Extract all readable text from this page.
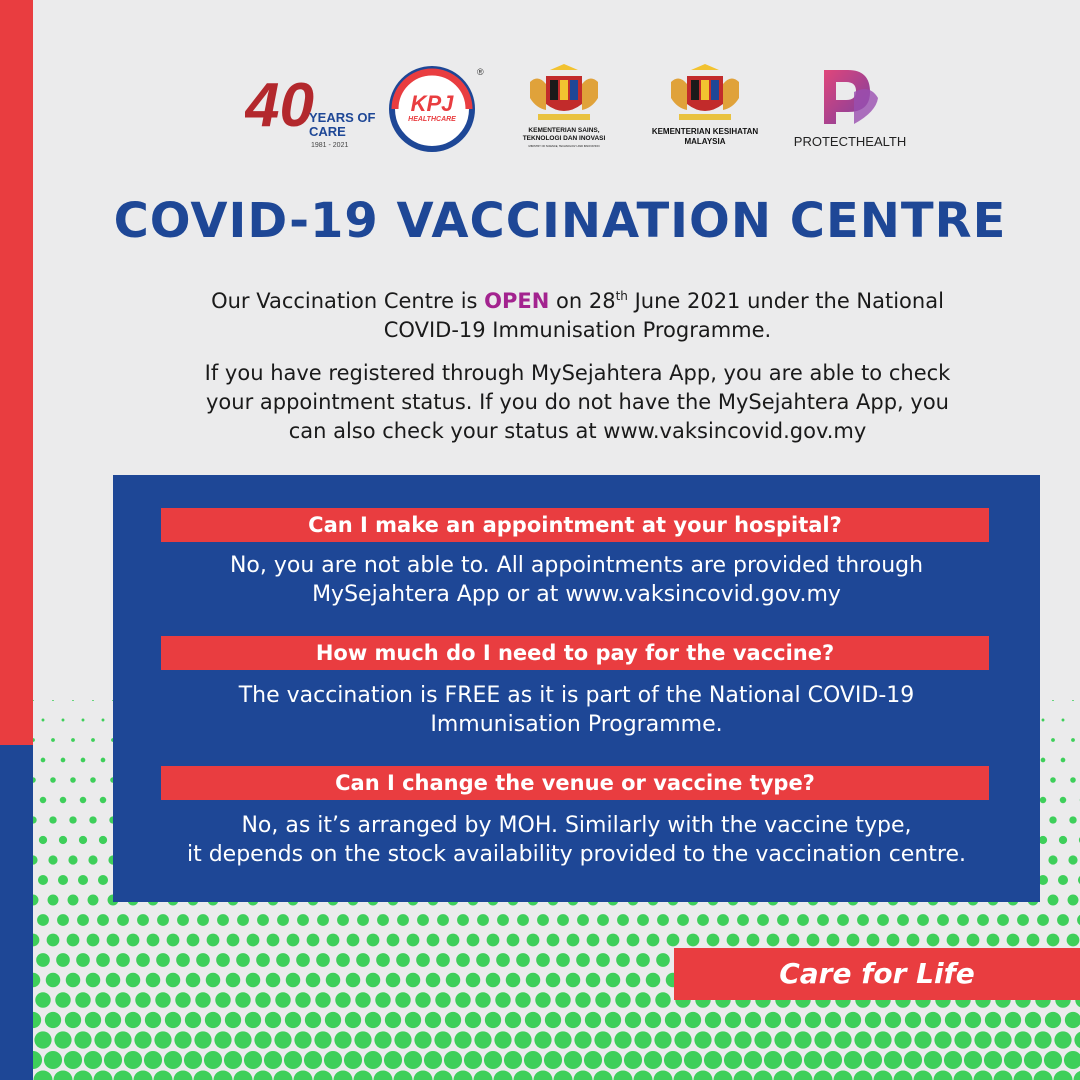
40
YEARS OF
CARE
1981 - 2021
KPJ
HEALTHCARE
®
KEMENTERIAN SAINS,
TEKNOLOGI DAN INOVASI
MINISTRY OF SCIENCE, TECHNOLOGY AND INNOVATION
KEMENTERIAN KESIHATAN
MALAYSIA	PROTECTHEALTH
COVID-19 VACCINATION CENTRE
Our Vaccination Centre is OPEN on 28th June 2021 under the National
COVID-19 Immunisation Programme.
If you have registered through MySejahtera App, you are able to check
your appointment status. If you do not have the MySejahtera App, you
can also check your status at www.vaksincovid.gov.my
Can I make an appointment at your hospital?
No, you are not able to. All appointments are provided through
MySejahtera App or at www.vaksincovid.gov.my
How much do I need to pay for the vaccine?
The vaccination is FREE as it is part of the National COVID-19
Immunisation Programme.
Can I change the venue or vaccine type?
No, as it’s arranged by MOH. Similarly with the vaccine type,
it depends on the stock availability provided to the vaccination centre.
Care for Life
